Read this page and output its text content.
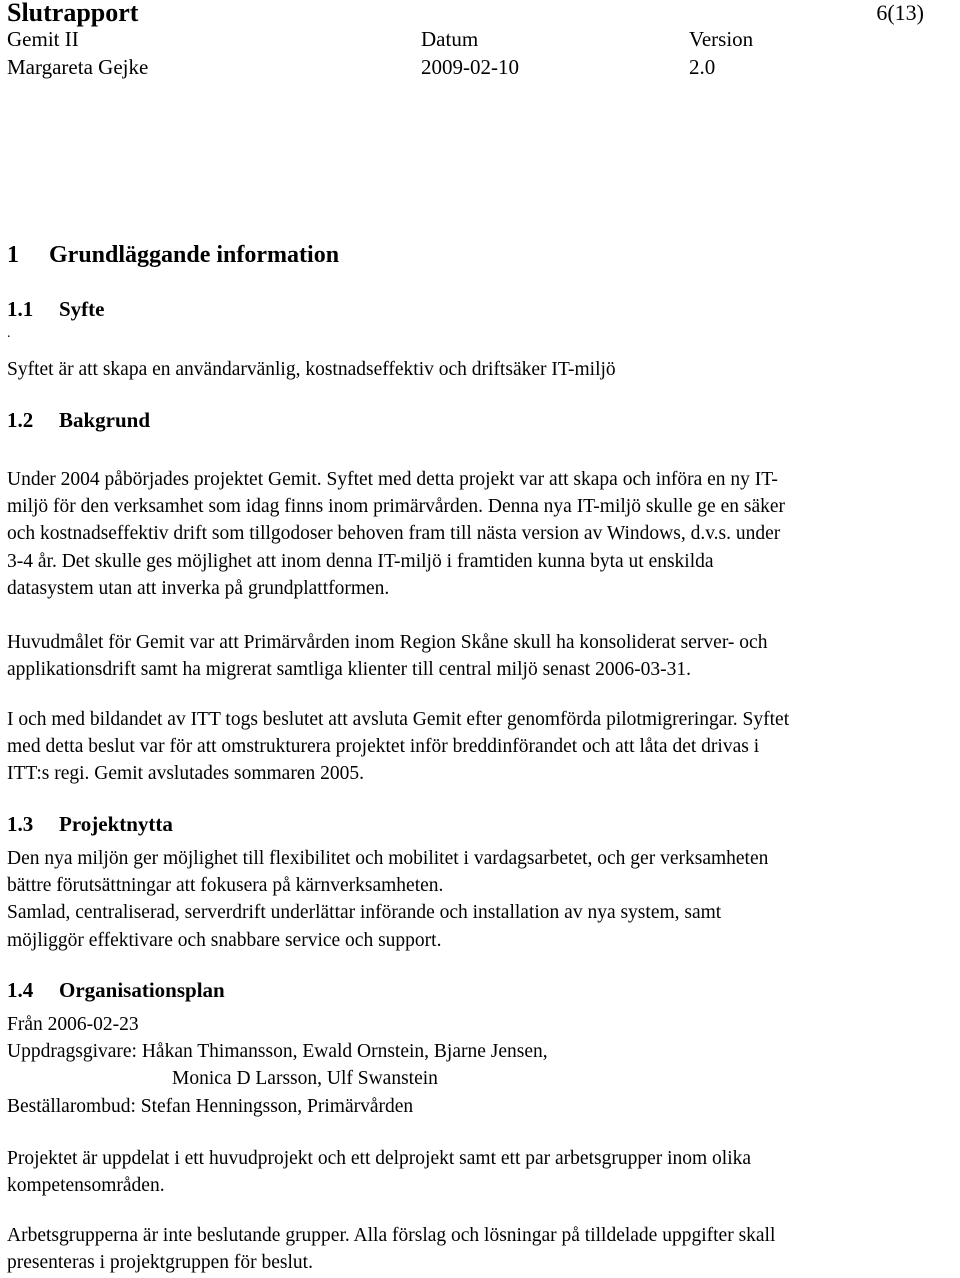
Slutrapport	6(13)
Gemit II	Datum	Version
Margareta Gejke	2009-02-10	2.0
1 Grundläggande information
1.1 Syfte
.
Syftet är att skapa en användarvänlig, kostnadseffektiv och driftsäker IT-miljö
1.2 Bakgrund
Under 2004 påbörjades projektet Gemit. Syftet med detta projekt var att skapa och införa en ny IT-
miljö för den verksamhet som idag finns inom primärvården. Denna nya IT-miljö skulle ge en säker
och kostnadseffektiv drift som tillgodoser behoven fram till nästa version av Windows, d.v.s. under
3-4 år. Det skulle ges möjlighet att inom denna IT-miljö i framtiden kunna byta ut enskilda
datasystem utan att inverka på grundplattformen.
Huvudmålet för Gemit var att Primärvården inom Region Skåne skull ha konsoliderat server- och
applikationsdrift samt ha migrerat samtliga klienter till central miljö senast 2006-03-31.
I och med bildandet av ITT togs beslutet att avsluta Gemit efter genomförda pilotmigreringar. Syftet
med detta beslut var för att omstrukturera projektet inför breddinförandet och att låta det drivas i
ITT:s regi. Gemit avslutades sommaren 2005.
1.3 Projektnytta
Den nya miljön ger möjlighet till flexibilitet och mobilitet i vardagsarbetet, och ger verksamheten
bättre förutsättningar att fokusera på kärnverksamheten.
Samlad, centraliserad, serverdrift underlättar införande och installation av nya system, samt
möjliggör effektivare och snabbare service och support.
1.4 Organisationsplan
Från 2006-02-23
Uppdragsgivare: Håkan Thimansson, Ewald Ornstein, Bjarne Jensen,
Monica D Larsson, Ulf Swanstein
Beställarombud: Stefan Henningsson, Primärvården
Projektet är uppdelat i ett huvudprojekt och ett delprojekt samt ett par arbetsgrupper inom olika
kompetensområden.
Arbetsgrupperna är inte beslutande grupper. Alla förslag och lösningar på tilldelade uppgifter skall
presenteras i projektgruppen för beslut.
